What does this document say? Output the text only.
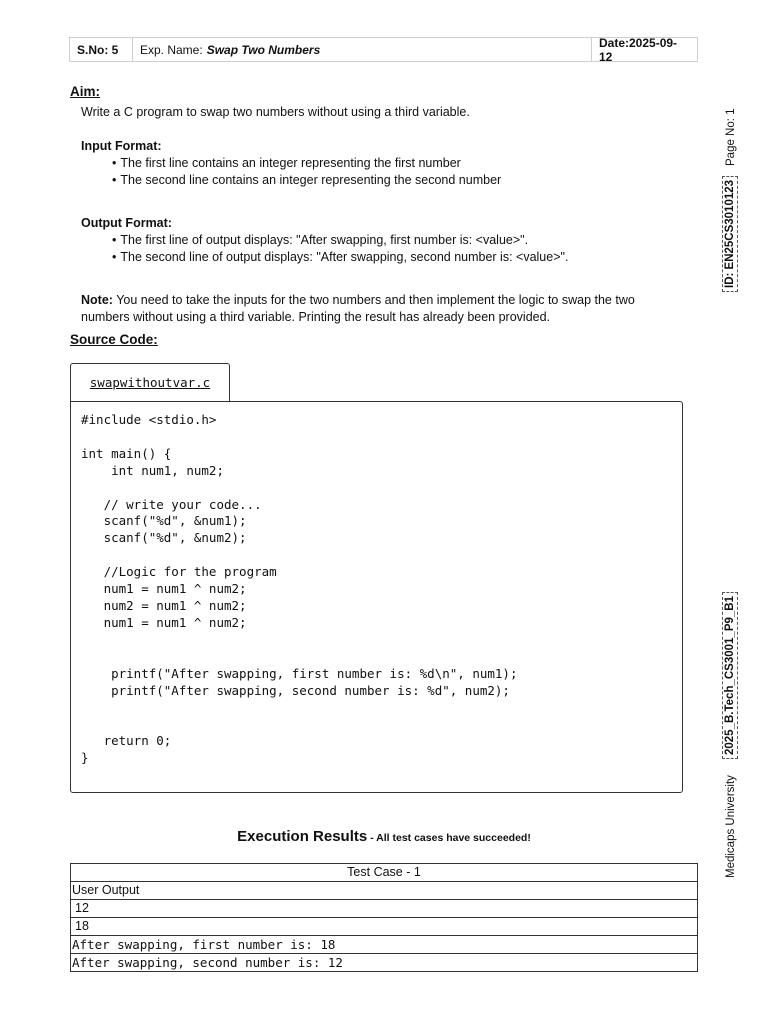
S.No: 5	Exp. Name: Swap Two Numbers	Date:2025-09-12
Aim:
Write a C program to swap two numbers without using a third variable.
Input Format:
• The first line contains an integer representing the first number
• The second line contains an integer representing the second number
Output Format:
• The first line of output displays: "After swapping, first number is: <value>".
• The second line of output displays: "After swapping, second number is: <value>".
Note: You need to take the inputs for the two numbers and then implement the logic to swap the two
numbers without using a third variable. Printing the result has already been provided.
Source Code:
swapwithoutvar.c
#include <stdio.h>

int main() {
int num1, num2;

// write your code...
scanf("%d", &num1);
scanf("%d", &num2);

//Logic for the program
num1 = num1 ^ num2;
num2 = num1 ^ num2;
num1 = num1 ^ num2;

printf("After swapping, first number is: %d\n", num1);
printf("After swapping, second number is: %d", num2);

return 0;
}
Execution Results - All test cases have succeeded!
Test Case - 1
User Output
12
18
After swapping, first number is: 18
After swapping, second number is: 12
Page No: 1
ID: EN25CS3010123
2025_B.Tech_CS3001_P9_B1
Medicaps University
